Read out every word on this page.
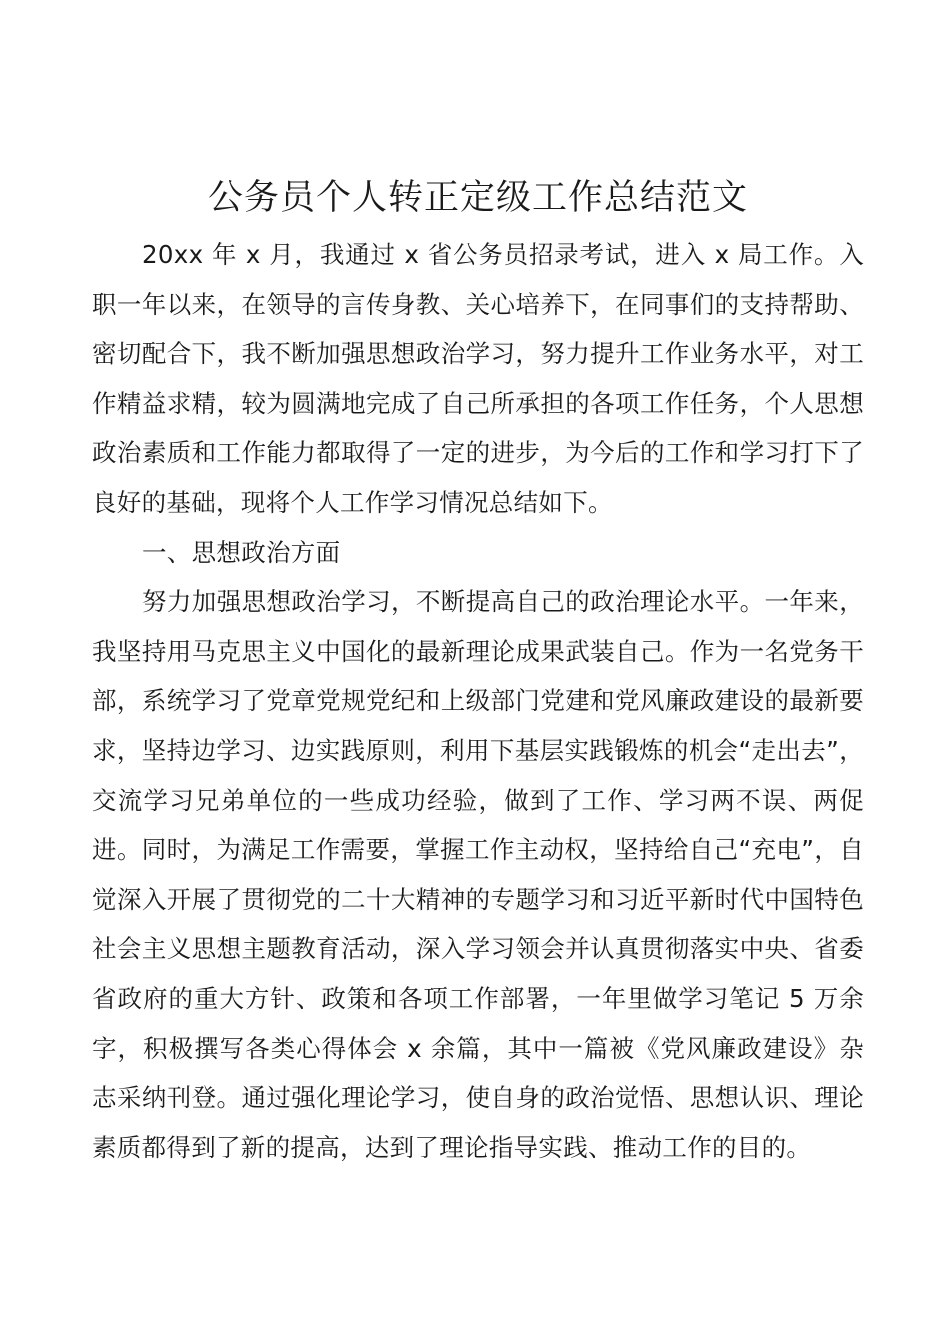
公务员个人转正定级工作总结范文

20xx 年 x 月，我通过 x 省公务员招录考试，进入 x 局工作。入职一年以来，在领导的言传身教、关心培养下，在同事们的支持帮助、密切配合下，我不断加强思想政治学习，努力提升工作业务水平，对工作精益求精，较为圆满地完成了自己所承担的各项工作任务，个人思想政治素质和工作能力都取得了一定的进步，为今后的工作和学习打下了良好的基础，现将个人工作学习情况总结如下。

一、思想政治方面

努力加强思想政治学习，不断提高自己的政治理论水平。一年来，我坚持用马克思主义中国化的最新理论成果武装自己。作为一名党务干部，系统学习了党章党规党纪和上级部门党建和党风廉政建设的最新要求，坚持边学习、边实践原则，利用下基层实践锻炼的机会“走出去”，交流学习兄弟单位的一些成功经验，做到了工作、学习两不误、两促进。同时，为满足工作需要，掌握工作主动权，坚持给自己“充电”，自觉深入开展了贯彻党的二十大精神的专题学习和习近平新时代中国特色社会主义思想主题教育活动，深入学习领会并认真贯彻落实中央、省委省政府的重大方针、政策和各项工作部署，一年里做学习笔记 5 万余字，积极撰写各类心得体会 x 余篇，其中一篇被《党风廉政建设》杂志采纳刊登。通过强化理论学习，使自身的政治觉悟、思想认识、理论素质都得到了新的提高，达到了理论指导实践、推动工作的目的。
